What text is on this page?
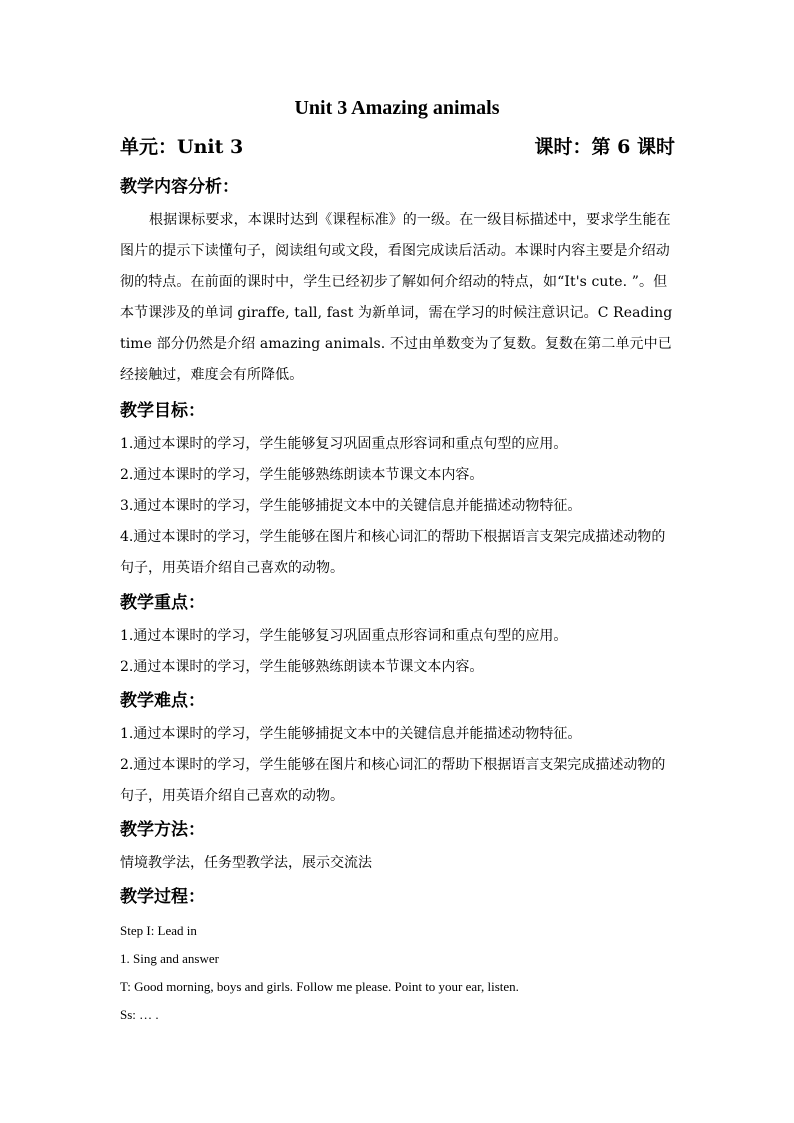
Unit 3 Amazing animals
单元：Unit 3	课时：第 6 课时
教学内容分析：

根据课标要求，本课时达到《课程标准》的一级。在一级目标描述中，要求学生能在图片的提示下读懂句子，阅读组句或文段，看图完成读后活动。本课时内容主要是介绍动彻的特点。在前面的课时中，学生已经初步了解如何介绍动的特点，如“It's cute. ”。但本节课涉及的单词 giraffe, tall, fast 为新单词，需在学习的时候注意识记。C Reading time 部分仍然是介绍 amazing animals. 不过由单数变为了复数。复数在第二单元中已经接触过，难度会有所降低。

教学目标：

1.通过本课时的学习，学生能够复习巩固重点形容词和重点句型的应用。

2.通过本课时的学习，学生能够熟练朗读本节课文本内容。

3.通过本课时的学习，学生能够捕捉文本中的关键信息并能描述动物特征。

4.通过本课时的学习，学生能够在图片和核心词汇的帮助下根据语言支架完成描述动物的句子，用英语介绍自己喜欢的动物。

教学重点：

1.通过本课时的学习，学生能够复习巩固重点形容词和重点句型的应用。

2.通过本课时的学习，学生能够熟练朗读本节课文本内容。

教学难点：

1.通过本课时的学习，学生能够捕捉文本中的关键信息并能描述动物特征。

2.通过本课时的学习，学生能够在图片和核心词汇的帮助下根据语言支架完成描述动物的句子，用英语介绍自己喜欢的动物。

教学方法：

情境教学法，任务型教学法，展示交流法

教学过程：

Step I: Lead in

1. Sing and answer

T: Good morning, boys and girls. Follow me please. Point to your ear, listen.

Ss: … .
